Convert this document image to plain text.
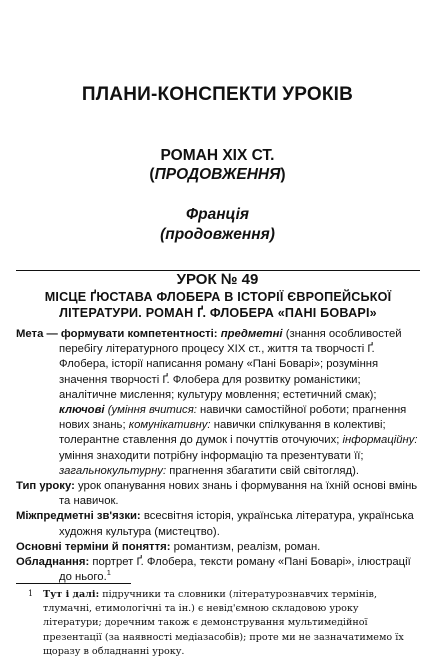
ПЛАНИ-КОНСПЕКТИ УРОКІВ
РОМАН XIX СТ.
(ПРОДОВЖЕННЯ)
Франція
(продовження)
УРОК № 49
МІСЦЕ ҐЮСТАВА ФЛОБЕРА В ІСТОРІЇ ЄВРОПЕЙСЬКОЇ ЛІТЕРАТУРИ. РОМАН Ґ. ФЛОБЕРА «ПАНІ БОВАРІ»

Мета — формувати компетентності: предметні (знання особливостей перебігу літературного процесу XIX ст., життя та творчості Ґ. Флобера, історії написання роману «Пані Боварі»; розуміння значення творчості Ґ. Флобера для розвитку романістики; аналітичне мислення; культуру мовлення; естетичний смак); ключові (уміння вчитися: навички самостійної роботи; прагнення нових знань; комунікативну: навички спілкування в колективі; толерантне ставлення до думок і почуттів оточуючих; інформаційну: уміння знаходити потрібну інформацію та презентувати її; загальнокультурну: прагнення збагатити свій світогляд).

Тип уроку: урок опанування нових знань і формування на їхній основі вмінь та навичок.

Міжпредметні зв'язки: всесвітня історія, українська література, українська художня культура (мистецтво).

Основні терміни й поняття: романтизм, реалізм, роман.

Обладнання: портрет Ґ. Флобера, тексти роману «Пані Боварі», ілюстрації до нього.$^1$

1 Тут і далі: підручники та словники (літературознавчих термінів, тлумачні, етимологічні та ін.) є невід'ємною складовою уроку літератури; доречним також є демонстрування мультимедійної презентації (за наявності медіазасобів); проте ми не зазначатимемо їх щоразу в обладнанні уроку.
